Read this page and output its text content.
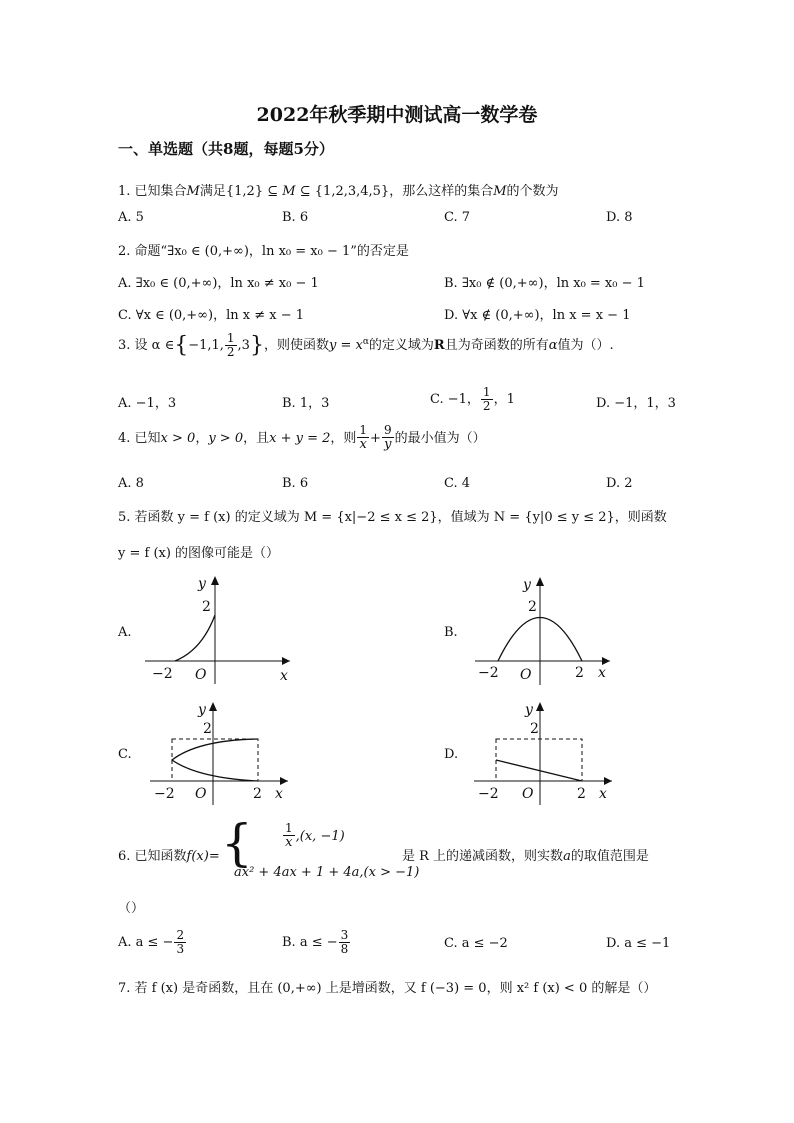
2022年秋季期中测试高一数学卷
一、单选题（共8题，每题5分）
1. 已知集合M满足{1,2} ⊆ M ⊆ {1,2,3,4,5}，那么这样的集合M的个数为
A. 5	B. 6	C. 7	D. 8
2. 命题“∃x₀ ∈ (0,+∞)，ln x₀ = x₀ − 1”的否定是
A. ∃x₀ ∈ (0,+∞)，ln x₀ ≠ x₀ − 1	B. ∃x₀ ∉ (0,+∞)，ln x₀ = x₀ − 1
C. ∀x ∈ (0,+∞)，ln x ≠ x − 1	D. ∀x ∉ (0,+∞)，ln x = x − 1
3. 设 α ∈{−1,1, $\frac{1}{2} ,3$}，则使函数$y = x^\alpha$的定义域为R且为奇函数的所有α值为（）.
A. −1，3	B. 1，3	C. −1， $\frac{1}{2}$ ，1	D. −1，1，3
4. 已知x > 0，y > 0，且x + y = 2，则 $\frac{1}{x}+ \frac{9}{y}$的最小值为（）
A. 8	B. 6	C. 4	D. 2
5. 若函数 y = f (x) 的定义域为 M = {x|−2 ≤ x ≤ 2}，值域为 N = {y|0 ≤ y ≤ 2}，则函数
y = f (x) 的图像可能是（）
A.	B.
C.	D.
y
2
−2 O	x
y
2
−2 O	2 x
y
2
−2 O	2 x
y
2
−2 O	2 x
6. 已知函数f(x)= {	$\frac{1}{x},(x$, −1)
ax² + 4ax + 1 + 4a,(x > −1)
是 R 上的递减函数，则实数a的取值范围是
（）
A. a ≤ − $\frac{2}{3}$	B. a ≤ − $\frac{3}{8}$	C. a ≤ −2	D. a ≤ −1
7. 若 f (x) 是奇函数，且在 (0,+∞) 上是增函数，又 f (−3) = 0，则 x² f (x) < 0 的解是（）
